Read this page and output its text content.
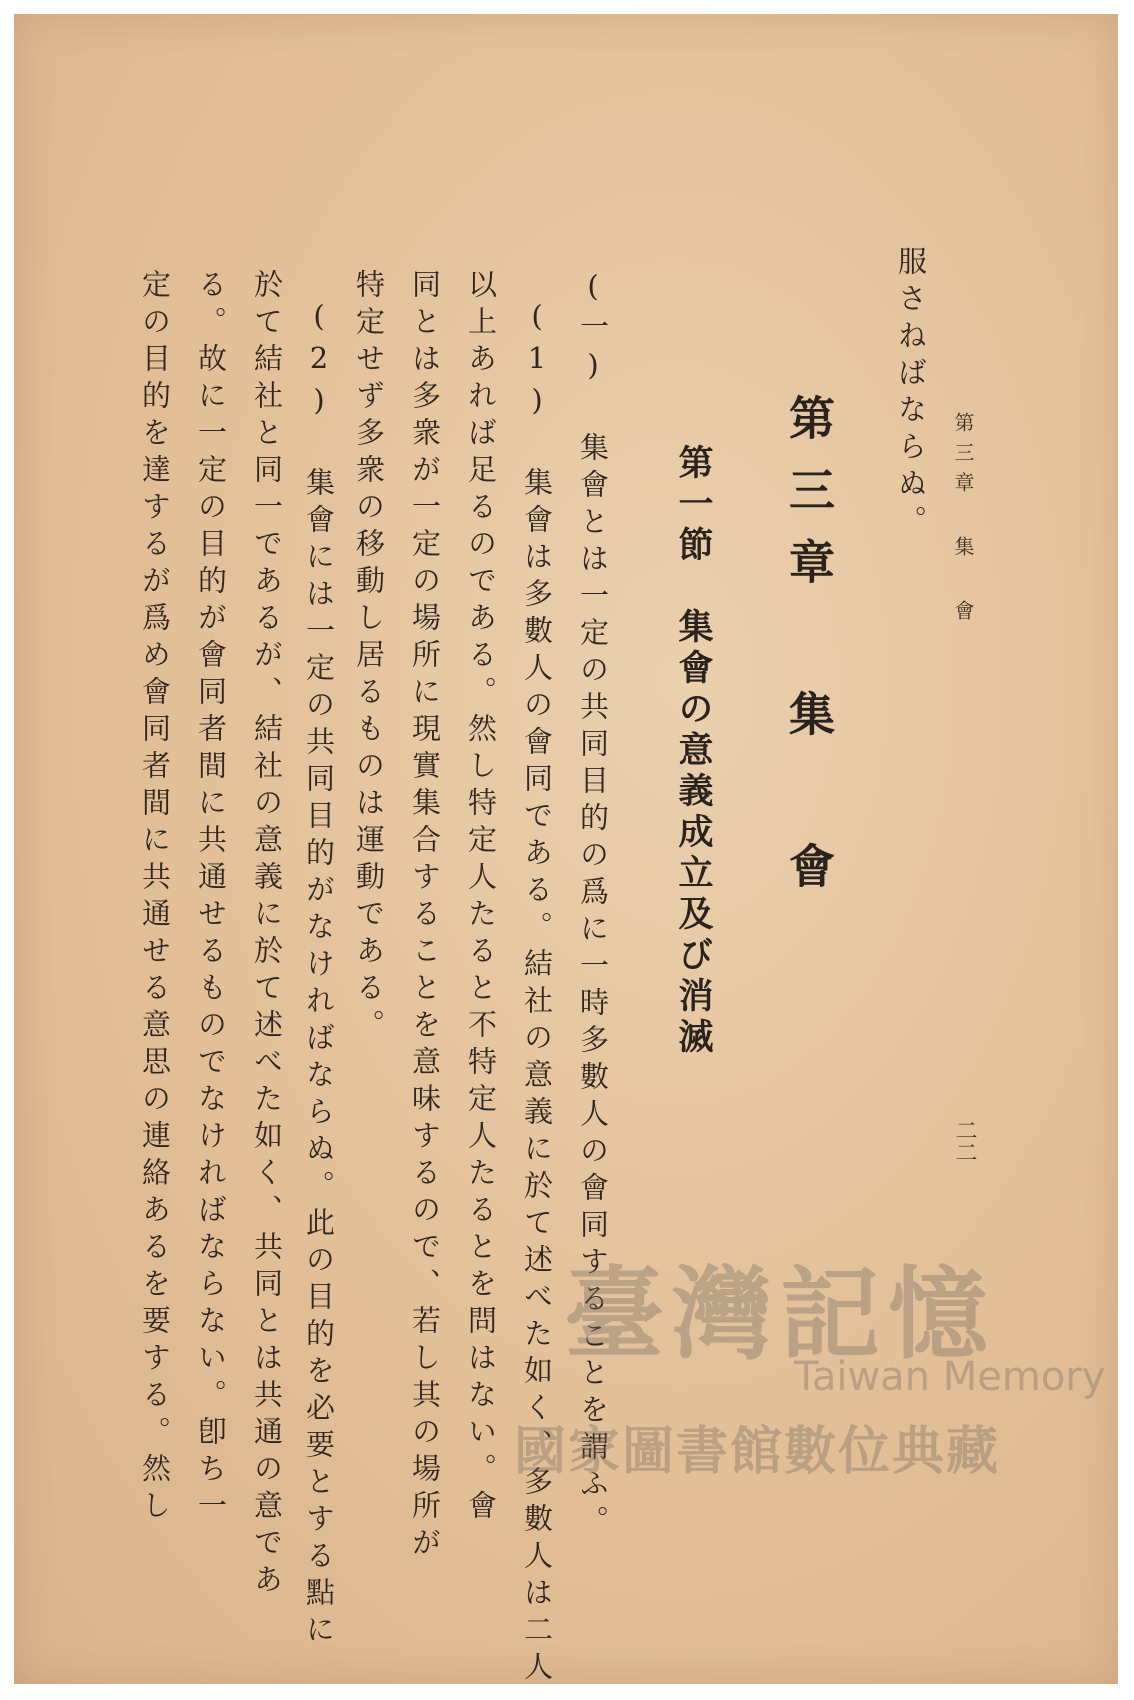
第三章 集 會
二二
服さねばならぬ。
第三章 集 會
第一節　集會の意義成立及び消滅
(一) 集會とは一定の共同目的の爲に一時多數人の會同することを謂ふ。
(1) 集會は多數人の會同である。結社の意義に於て述べた如く、多數人は二人
以上あれば足るのである。然し特定人たると不特定人たるとを問はない。會
同とは多衆が一定の場所に現實集合することを意味するので、若し其の場所が
特定せず多衆の移動し居るものは運動である。
(2) 集會には一定の共同目的がなければならぬ。此の目的を必要とする點に
於て結社と同一であるが、結社の意義に於て述べた如く、共同とは共通の意であ
る。故に一定の目的が會同者間に共通せるものでなければならない。卽ち一
定の目的を達するが爲め會同者間に共通せる意思の連絡あるを要する。然し	臺灣記憶
Taiwan Memory
國家圖書館數位典藏
